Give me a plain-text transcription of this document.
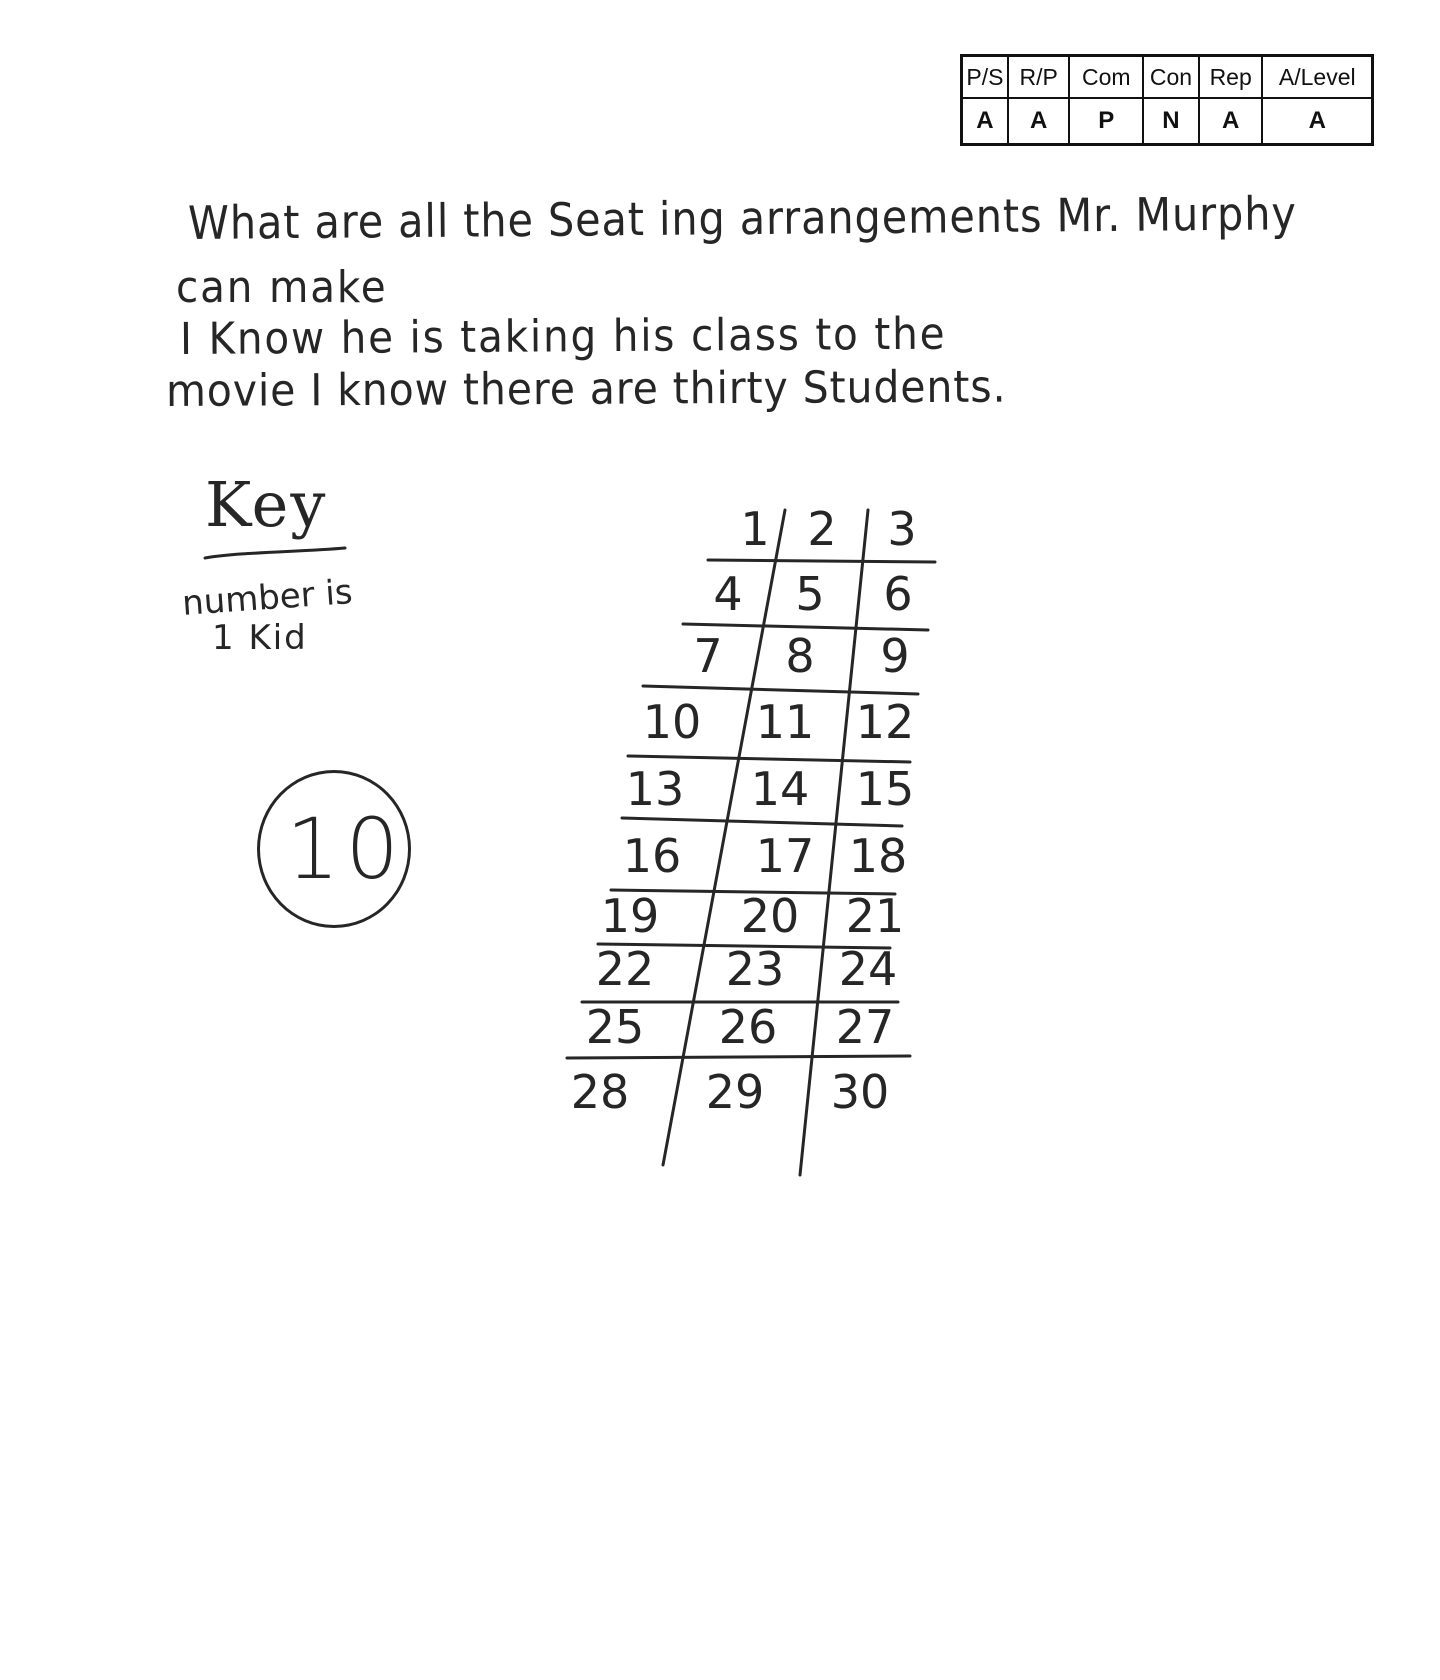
P/S	R/P	Com	Con	Rep	A/Level
A	A	P	N	A	A
What are all the Seat ing arrangements Mr. Murphy
can make
I Know he is taking his class to the
movie I know there are thirty Students.
Key
number is
1 Kid
10
1 2 3
4 5 6
7 8 9
10 11 12
13 14 15
16 17 18
19 20 21
22 23 24
25 26 27
28 29 30
